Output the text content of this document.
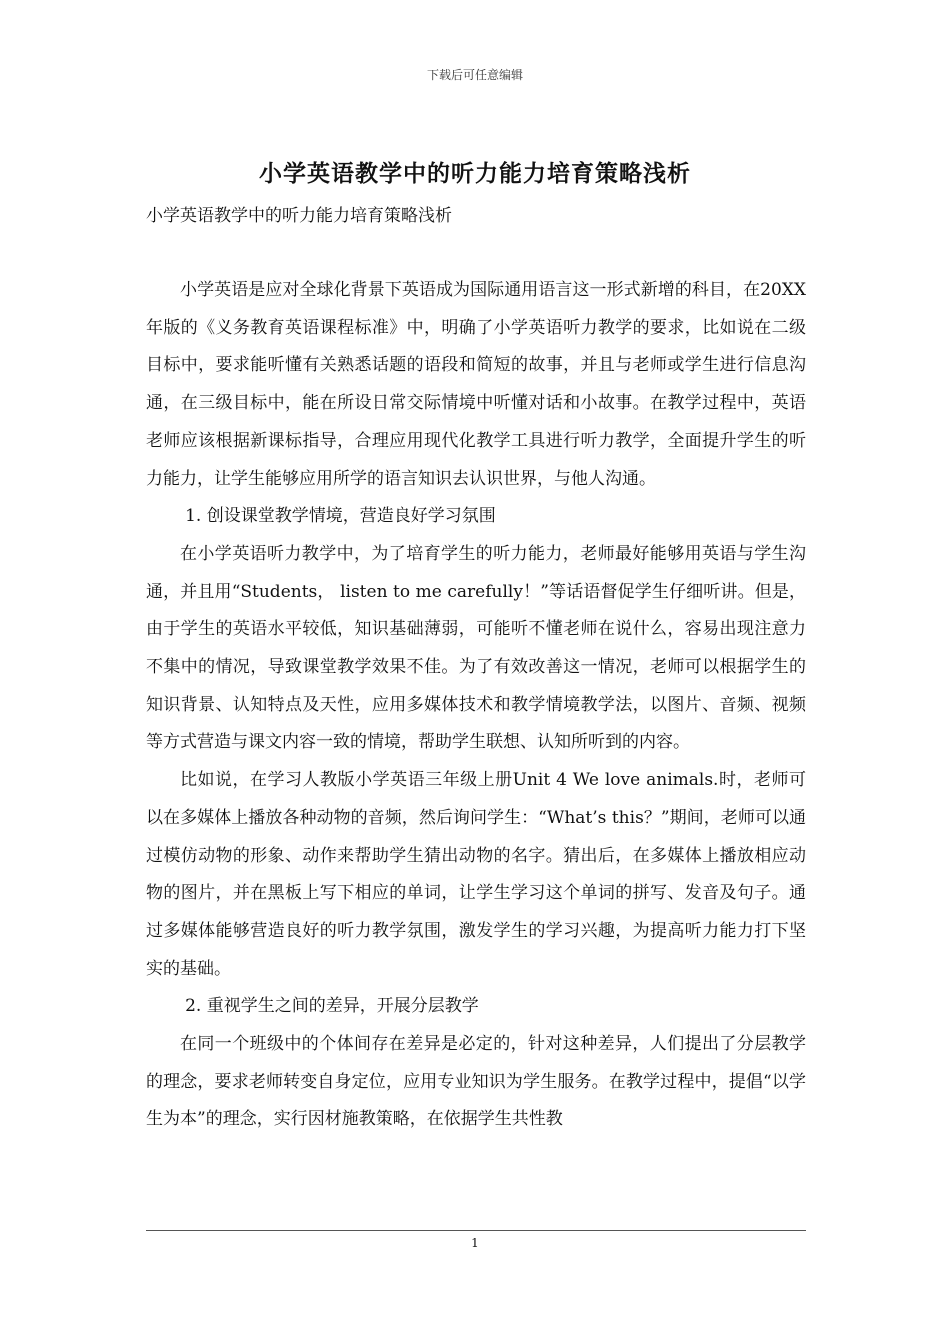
下载后可任意编辑
小学英语教学中的听力能力培育策略浅析
小学英语教学中的听力能力培育策略浅析

小学英语是应对全球化背景下英语成为国际通用语言这一形式新增的科目，在20XX年版的《义务教育英语课程标准》中，明确了小学英语听力教学的要求，比如说在二级目标中，要求能听懂有关熟悉话题的语段和简短的故事，并且与老师或学生进行信息沟通，在三级目标中，能在所设日常交际情境中听懂对话和小故事。在教学过程中，英语老师应该根据新课标指导，合理应用现代化教学工具进行听力教学，全面提升学生的听力能力，让学生能够应用所学的语言知识去认识世界，与他人沟通。

1. 创设课堂教学情境，营造良好学习氛围

在小学英语听力教学中，为了培育学生的听力能力，老师最好能够用英语与学生沟通，并且用“Students， listen to me carefully！”等话语督促学生仔细听讲。但是，由于学生的英语水平较低，知识基础薄弱，可能听不懂老师在说什么，容易出现注意力不集中的情况，导致课堂教学效果不佳。为了有效改善这一情况，老师可以根据学生的知识背景、认知特点及天性，应用多媒体技术和教学情境教学法，以图片、音频、视频等方式营造与课文内容一致的情境，帮助学生联想、认知所听到的内容。

比如说，在学习人教版小学英语三年级上册Unit 4 We love animals.时，老师可以在多媒体上播放各种动物的音频，然后询问学生：“What’s this？”期间，老师可以通过模仿动物的形象、动作来帮助学生猜出动物的名字。猜出后，在多媒体上播放相应动物的图片，并在黑板上写下相应的单词，让学生学习这个单词的拼写、发音及句子。通过多媒体能够营造良好的听力教学氛围，激发学生的学习兴趣，为提高听力能力打下坚实的基础。

2. 重视学生之间的差异，开展分层教学

在同一个班级中的个体间存在差异是必定的，针对这种差异，人们提出了分层教学的理念，要求老师转变自身定位，应用专业知识为学生服务。在教学过程中，提倡“以学生为本”的理念，实行因材施教策略，在依据学生共性教

1
